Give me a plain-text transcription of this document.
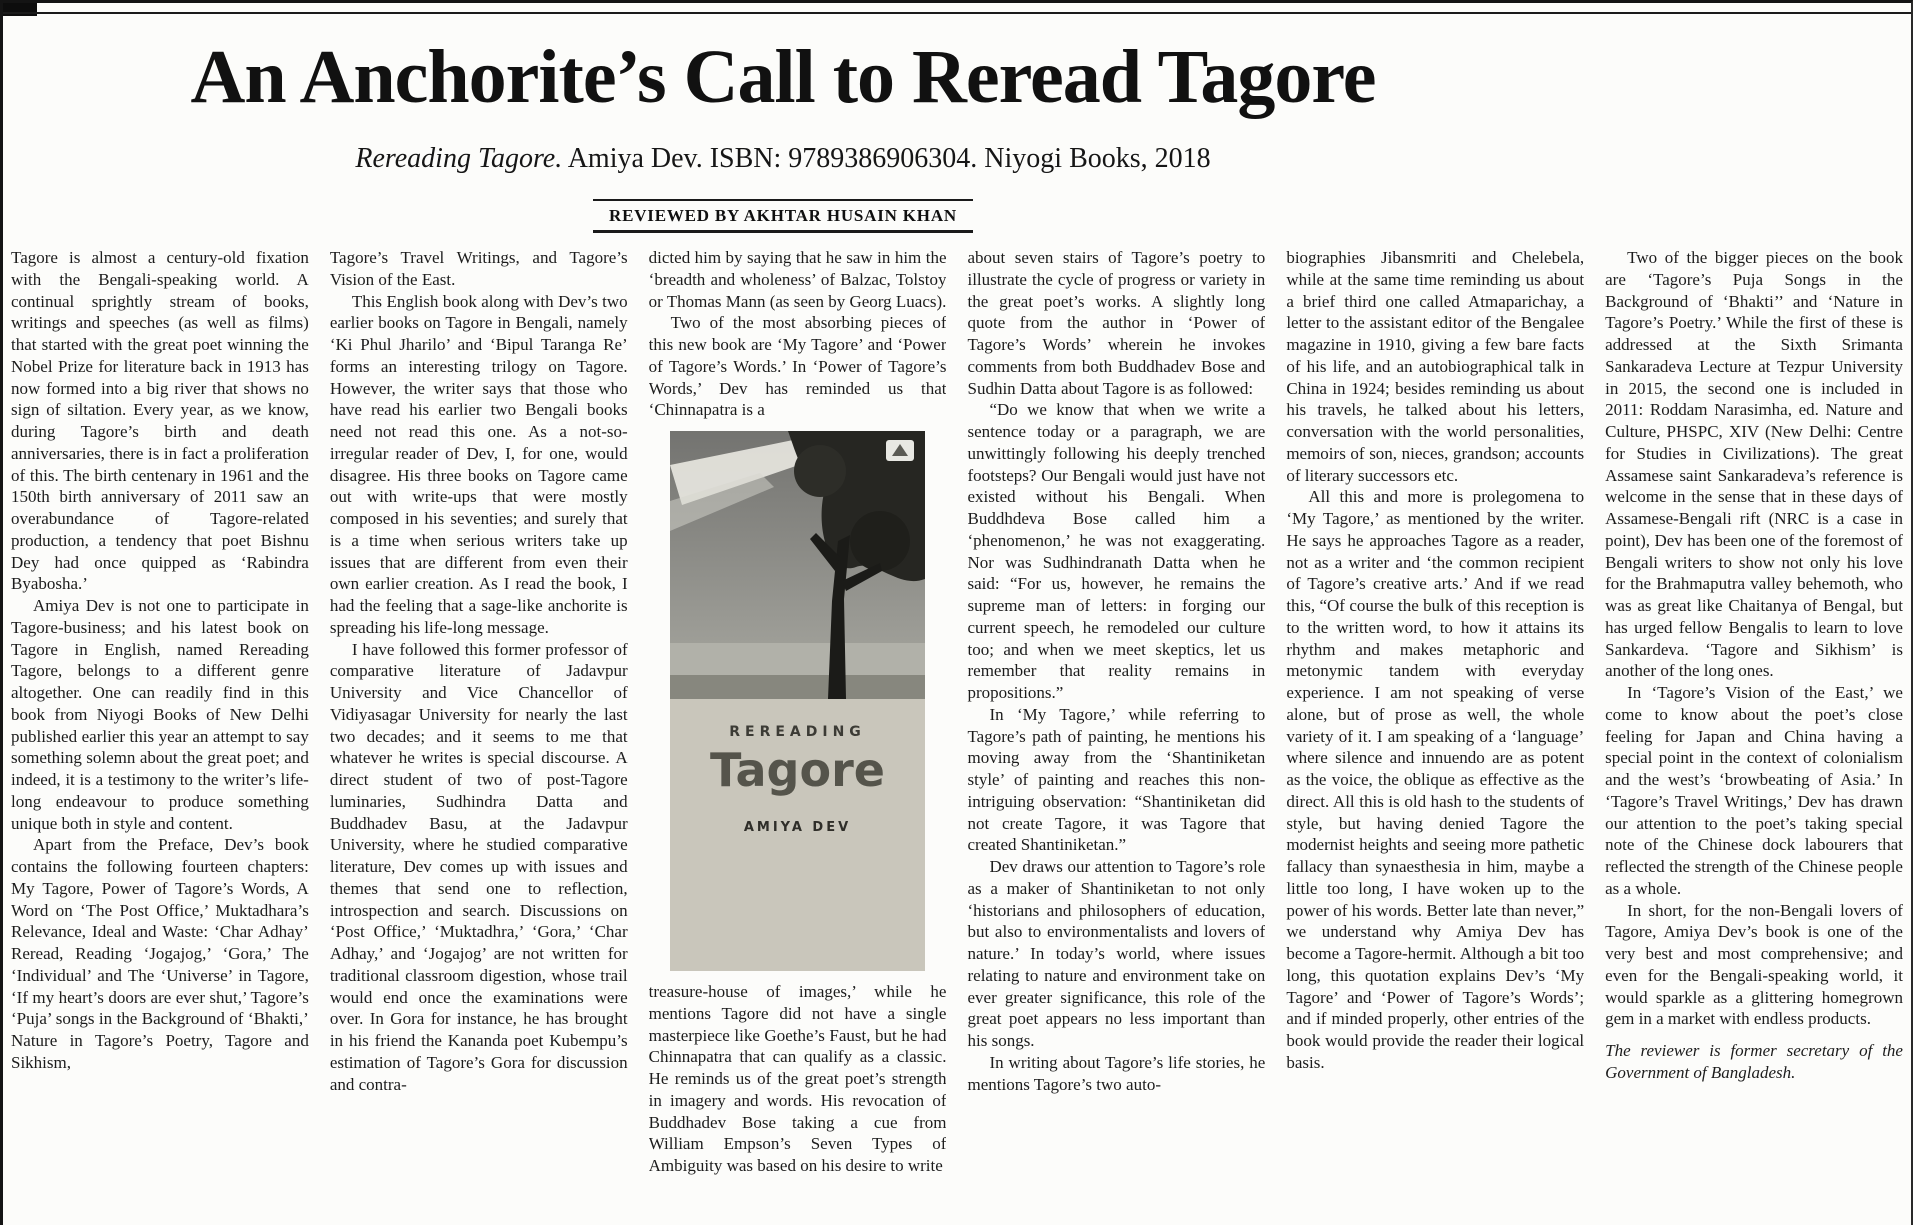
An Anchorite’s Call to Reread Tagore

Rereading Tagore. Amiya Dev. ISBN: 9789386906304. Niyogi Books, 2018

REVIEWED BY AKHTAR HUSAIN KHAN

Tagore is almost a century-old fixation with the Bengali-speaking world. A continual sprightly stream of books, writings and speeches (as well as films) that started with the great poet winning the Nobel Prize for literature back in 1913 has now formed into a big river that shows no sign of siltation. Every year, as we know, during Tagore’s birth and death anniversaries, there is in fact a proliferation of this. The birth centenary in 1961 and the 150th birth anniversary of 2011 saw an overabundance of Tagore-related production, a tendency that poet Bishnu Dey had once quipped as ‘Rabindra Byabosha.’

Amiya Dev is not one to participate in Tagore-business; and his latest book on Tagore in English, named Rereading Tagore, belongs to a different genre altogether. One can readily find in this book from Niyogi Books of New Delhi published earlier this year an attempt to say something solemn about the great poet; and indeed, it is a testimony to the writer’s life-long endeavour to produce something unique both in style and content.

Apart from the Preface, Dev’s book contains the following fourteen chapters: My Tagore, Power of Tagore’s Words, A Word on ‘The Post Office,’ Muktadhara’s Relevance, Ideal and Waste: ‘Char Adhay’ Reread, Reading ‘Jogajog,’ ‘Gora,’ The ‘Individual’ and The ‘Universe’ in Tagore, ‘If my heart’s doors are ever shut,’ Tagore’s ‘Puja’ songs in the Background of ‘Bhakti,’ Nature in Tagore’s Poetry, Tagore and Sikhism,

Tagore’s Travel Writings, and Tagore’s Vision of the East.

This English book along with Dev’s two earlier books on Tagore in Bengali, namely ‘Ki Phul Jharilo’ and ‘Bipul Taranga Re’ forms an interesting trilogy on Tagore. However, the writer says that those who have read his earlier two Bengali books need not read this one. As a not-so-irregular reader of Dev, I, for one, would disagree. His three books on Tagore came out with write-ups that were mostly composed in his seventies; and surely that is a time when serious writers take up issues that are different from even their own earlier creation. As I read the book, I had the feeling that a sage-like anchorite is spreading his life-long message.

I have followed this former professor of comparative literature of Jadavpur University and Vice Chancellor of Vidiyasagar University for nearly the last two decades; and it seems to me that whatever he writes is special discourse. A direct student of two of post-Tagore luminaries, Sudhindra Datta and Buddhadev Basu, at the Jadavpur University, where he studied comparative literature, Dev comes up with issues and themes that send one to reflection, introspection and search. Discussions on ‘Post Office,’ ‘Muktadhra,’ ‘Gora,’ ‘Char Adhay,’ and ‘Jogajog’ are not written for traditional classroom digestion, whose trail would end once the examinations were over. In Gora for instance, he has brought in his friend the Kananda poet Kubempu’s estimation of Tagore’s Gora for discussion and contra-

dicted him by saying that he saw in him the ‘breadth and wholeness’ of Balzac, Tolstoy or Thomas Mann (as seen by Georg Luacs).

Two of the most absorbing pieces of this new book are ‘My Tagore’ and ‘Power of Tagore’s Words.’ In ‘Power of Tagore’s Words,’ Dev has reminded us that ‘Chinnapatra is a

REREADING
Tagore
AMIYA DEV

treasure-house of images,’ while he mentions Tagore did not have a single masterpiece like Goethe’s Faust, but he had Chinnapatra that can qualify as a classic. He reminds us of the great poet’s strength in imagery and words. His revocation of Buddhadev Bose taking a cue from William Empson’s Seven Types of Ambiguity was based on his desire to write

about seven stairs of Tagore’s poetry to illustrate the cycle of progress or variety in the great poet’s works. A slightly long quote from the author in ‘Power of Tagore’s Words’ wherein he invokes comments from both Buddhadev Bose and Sudhin Datta about Tagore is as followed:

“Do we know that when we write a sentence today or a paragraph, we are unwittingly following his deeply trenched footsteps? Our Bengali would just have not existed without his Bengali. When Buddhdeva Bose called him a ‘phenomenon,’ he was not exaggerating. Nor was Sudhindranath Datta when he said: “For us, however, he remains the supreme man of letters: in forging our current speech, he remodeled our culture too; and when we meet skeptics, let us remember that reality remains in propositions.”

In ‘My Tagore,’ while referring to Tagore’s path of painting, he mentions his moving away from the ‘Shantiniketan style’ of painting and reaches this non-intriguing observation: “Shantiniketan did not create Tagore, it was Tagore that created Shantiniketan.”

Dev draws our attention to Tagore’s role as a maker of Shantiniketan to not only ‘historians and philosophers of education, but also to environmentalists and lovers of nature.’ In today’s world, where issues relating to nature and environment take on ever greater significance, this role of the great poet appears no less important than his songs.

In writing about Tagore’s life stories, he mentions Tagore’s two auto-

biographies Jibansmriti and Chelebela, while at the same time reminding us about a brief third one called Atmaparichay, a letter to the assistant editor of the Bengalee magazine in 1910, giving a few bare facts of his life, and an autobiographical talk in China in 1924; besides reminding us about his travels, he talked about his letters, conversation with the world personalities, memoirs of son, nieces, grandson; accounts of literary successors etc.

All this and more is prolegomena to ‘My Tagore,’ as mentioned by the writer. He says he approaches Tagore as a reader, not as a writer and ‘the common recipient of Tagore’s creative arts.’ And if we read this, “Of course the bulk of this reception is to the written word, to how it attains its rhythm and makes metaphoric and metonymic tandem with everyday experience. I am not speaking of verse alone, but of prose as well, the whole variety of it. I am speaking of a ‘language’ where silence and innuendo are as potent as the voice, the oblique as effective as the direct. All this is old hash to the students of style, but having denied Tagore the modernist heights and seeing more pathetic fallacy than synaesthesia in him, maybe a little too long, I have woken up to the power of his words. Better late than never,” we understand why Amiya Dev has become a Tagore-hermit. Although a bit too long, this quotation explains Dev’s ‘My Tagore’ and ‘Power of Tagore’s Words’; and if minded properly, other entries of the book would provide the reader their logical basis.

Two of the bigger pieces on the book are ‘Tagore’s Puja Songs in the Background of ‘Bhakti’’ and ‘Nature in Tagore’s Poetry.’ While the first of these is addressed at the Sixth Srimanta Sankaradeva Lecture at Tezpur University in 2015, the second one is included in 2011: Roddam Narasimha, ed. Nature and Culture, PHSPC, XIV (New Delhi: Centre for Studies in Civilizations). The great Assamese saint Sankaradeva’s reference is welcome in the sense that in these days of Assamese-Bengali rift (NRC is a case in point), Dev has been one of the foremost of Bengali writers to show not only his love for the Brahmaputra valley behemoth, who was as great like Chaitanya of Bengal, but has urged fellow Bengalis to learn to love Sankardeva. ‘Tagore and Sikhism’ is another of the long ones.

In ‘Tagore’s Vision of the East,’ we come to know about the poet’s close feeling for Japan and China having a special point in the context of colonialism and the west’s ‘browbeating of Asia.’ In ‘Tagore’s Travel Writings,’ Dev has drawn our attention to the poet’s taking special note of the Chinese dock labourers that reflected the strength of the Chinese people as a whole.

In short, for the non-Bengali lovers of Tagore, Amiya Dev’s book is one of the very best and most comprehensive; and even for the Bengali-speaking world, it would sparkle as a glittering homegrown gem in a market with endless products.

The reviewer is former secretary of the Government of Bangladesh.
